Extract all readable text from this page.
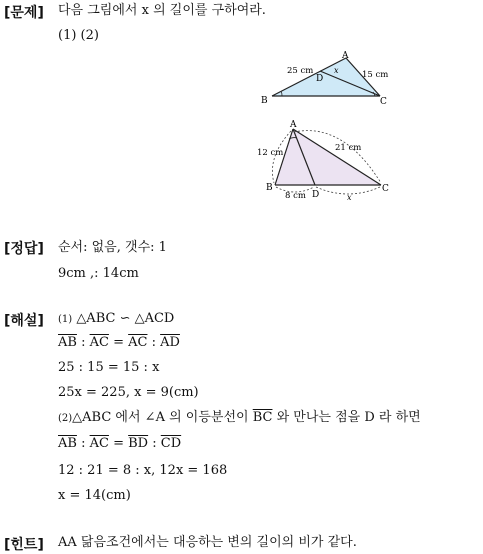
[문제] 다음 그림에서 x 의 길이를 구하여라.
(1) (2)
A
B	C
D
25 cm	15 cm
x
A
B	C
D
12 cm	21 cm
8 cm	x
[정답] 순서: 없음, 갯수: 1
9cm ,: 14cm
[해설] (1) △ABC ∽ △ACD
$\overline{AB}$ : $\overline{AC} = \overline{AC}$ : $\overline{AD}$
25 : 15 = 15 : x
25x = 225, x = 9(cm)
(2)△ABC 에서 ∠A 의 이등분선이 $\overline{BC}$ 와 만나는 점을 D 라 하면
$\overline{AB}$ : $\overline{AC} = \overline{BD}$ : $\overline{CD}$
12 : 21 = 8 : x, 12x = 168
x = 14(cm)
[힌트] AA 닮음조건에서는 대응하는 변의 길이의 비가 같다.
